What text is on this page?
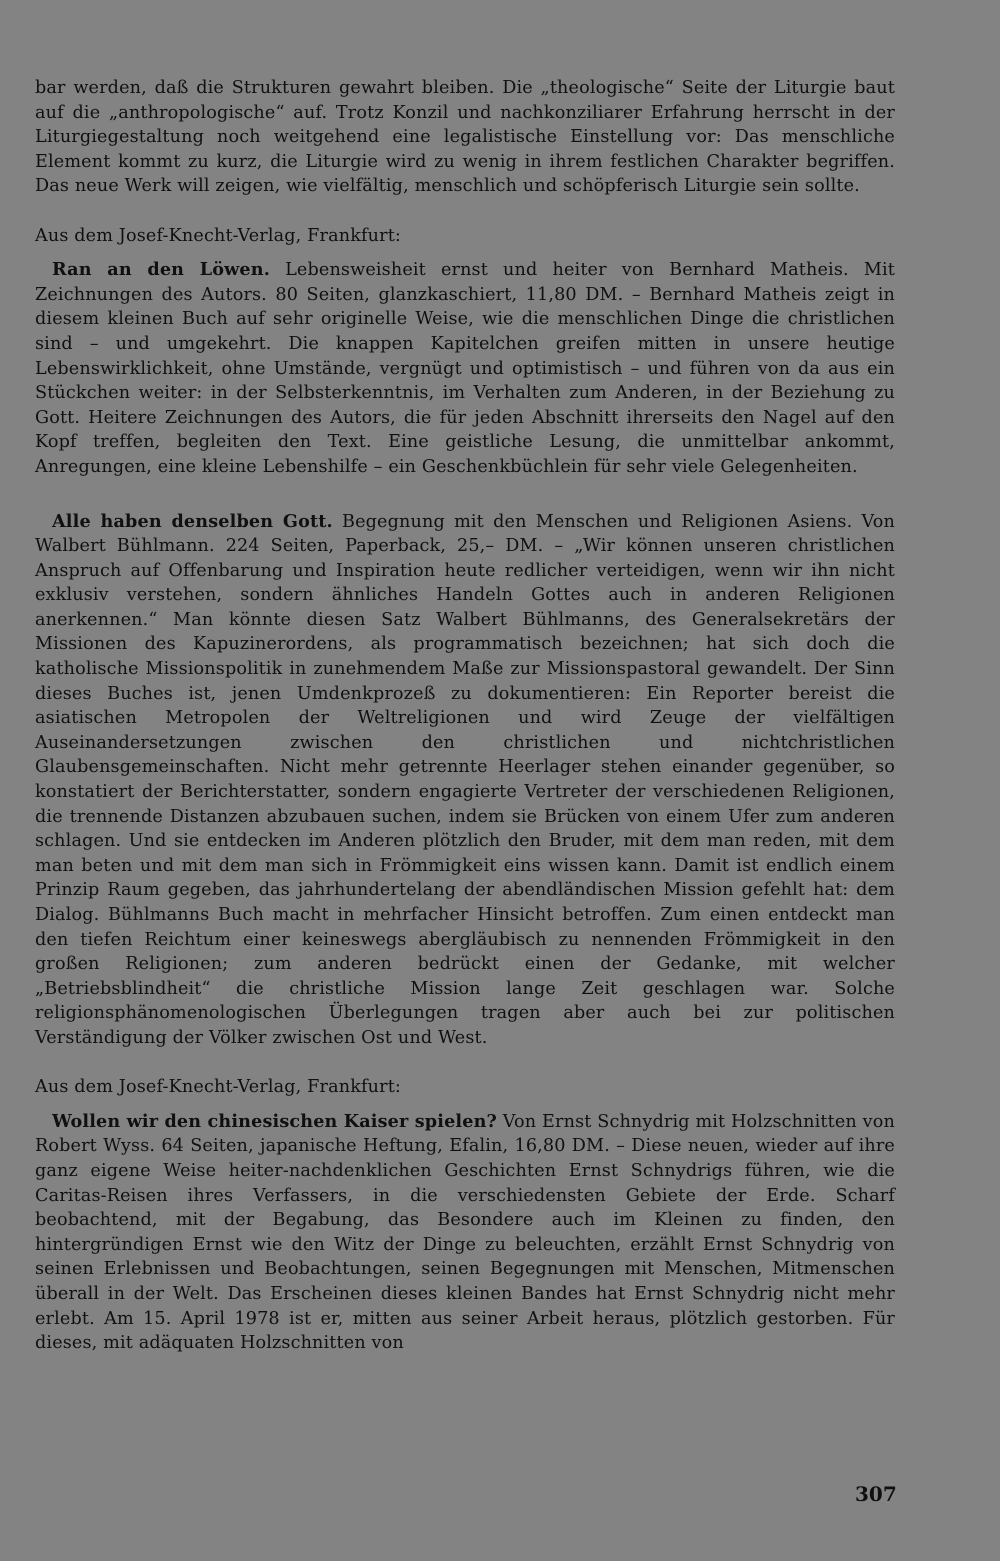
bar werden, daß die Strukturen gewahrt bleiben. Die „theologische“ Seite der Liturgie baut auf die „anthropologische“ auf. Trotz Konzil und nachkonziliarer Erfahrung herrscht in der Liturgiegestaltung noch weitgehend eine legalistische Einstellung vor: Das menschliche Element kommt zu kurz, die Liturgie wird zu wenig in ihrem festlichen Charakter begriffen. Das neue Werk will zeigen, wie vielfältig, menschlich und schöpferisch Liturgie sein sollte.

Aus dem Josef-Knecht-Verlag, Frankfurt:

Ran an den Löwen. Lebensweisheit ernst und heiter von Bernhard Matheis. Mit Zeichnungen des Autors. 80 Seiten, glanzkaschiert, 11,80 DM. – Bernhard Matheis zeigt in diesem kleinen Buch auf sehr originelle Weise, wie die menschlichen Dinge die christlichen sind – und umgekehrt. Die knappen Kapitelchen greifen mitten in unsere heutige Lebenswirklichkeit, ohne Umstände, vergnügt und optimistisch – und führen von da aus ein Stückchen weiter: in der Selbsterkenntnis, im Verhalten zum Anderen, in der Beziehung zu Gott. Heitere Zeichnungen des Autors, die für jeden Abschnitt ihrerseits den Nagel auf den Kopf treffen, begleiten den Text. Eine geistliche Lesung, die unmittelbar ankommt, Anregungen, eine kleine Lebenshilfe – ein Geschenkbüchlein für sehr viele Gelegenheiten.

Alle haben denselben Gott. Begegnung mit den Menschen und Religionen Asiens. Von Walbert Bühlmann. 224 Seiten, Paperback, 25,– DM. – „Wir können unseren christlichen Anspruch auf Offenbarung und Inspiration heute redlicher verteidigen, wenn wir ihn nicht exklusiv verstehen, sondern ähnliches Handeln Gottes auch in anderen Religionen anerkennen.“ Man könnte diesen Satz Walbert Bühlmanns, des Generalsekretärs der Missionen des Kapuzinerordens, als programmatisch bezeichnen; hat sich doch die katholische Missionspolitik in zunehmendem Maße zur Missionspastoral gewandelt. Der Sinn dieses Buches ist, jenen Umdenkprozeß zu dokumentieren: Ein Reporter bereist die asiatischen Metropolen der Weltreligionen und wird Zeuge der vielfältigen Auseinandersetzungen zwischen den christlichen und nichtchristlichen Glaubensgemeinschaften. Nicht mehr getrennte Heerlager stehen einander gegenüber, so konstatiert der Berichterstatter, sondern engagierte Vertreter der verschiedenen Religionen, die trennende Distanzen abzubauen suchen, indem sie Brücken von einem Ufer zum anderen schlagen. Und sie entdecken im Anderen plötzlich den Bruder, mit dem man reden, mit dem man beten und mit dem man sich in Frömmigkeit eins wissen kann. Damit ist endlich einem Prinzip Raum gegeben, das jahrhundertelang der abendländischen Mission gefehlt hat: dem Dialog. Bühlmanns Buch macht in mehrfacher Hinsicht betroffen. Zum einen entdeckt man den tiefen Reichtum einer keineswegs abergläubisch zu nennenden Frömmigkeit in den großen Religionen; zum anderen bedrückt einen der Gedanke, mit welcher „Betriebsblindheit“ die christliche Mission lange Zeit geschlagen war. Solche religionsphänomenologischen Überlegungen tragen aber auch bei zur politischen Verständigung der Völker zwischen Ost und West.

Aus dem Josef-Knecht-Verlag, Frankfurt:

Wollen wir den chinesischen Kaiser spielen? Von Ernst Schnydrig mit Holzschnitten von Robert Wyss. 64 Seiten, japanische Heftung, Efalin, 16,80 DM. – Diese neuen, wieder auf ihre ganz eigene Weise heiter-nachdenklichen Geschichten Ernst Schnydrigs führen, wie die Caritas-Reisen ihres Verfassers, in die verschiedensten Gebiete der Erde. Scharf beobachtend, mit der Begabung, das Besondere auch im Kleinen zu finden, den hintergründigen Ernst wie den Witz der Dinge zu beleuchten, erzählt Ernst Schnydrig von seinen Erlebnissen und Beobachtungen, seinen Begegnungen mit Menschen, Mitmenschen überall in der Welt. Das Erscheinen dieses kleinen Bandes hat Ernst Schnydrig nicht mehr erlebt. Am 15. April 1978 ist er, mitten aus seiner Arbeit heraus, plötzlich gestorben. Für dieses, mit adäquaten Holzschnitten von

307
